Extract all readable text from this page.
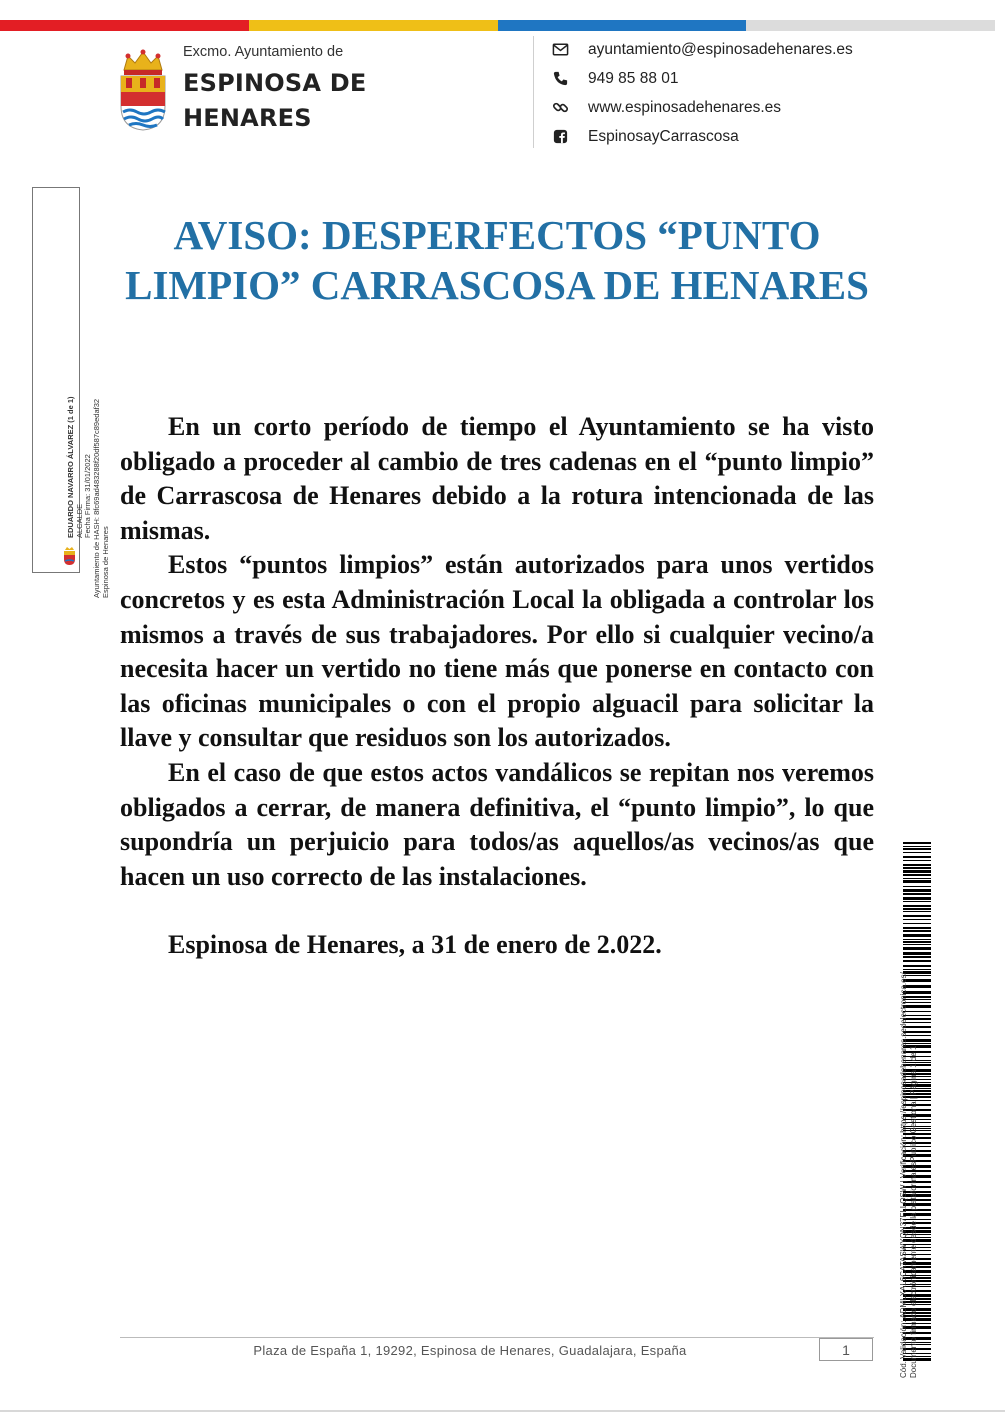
Excmo. Ayuntamiento de
ESPINOSA DE
HENARES
ayuntamiento@espinosadehenares.es
949 85 88 01
www.espinosadehenares.es
EspinosayCarrascosa
EDUARDO NAVARRO ÁLVAREZ (1 de 1) ALCALDE Fecha Firma: 31/01/2022
Ayuntamiento de HASH: 8fc69ad483288f20df587c89edaf32
Espinosa de Henares
AVISO: DESPERFECTOS “PUNTO LIMPIO” CARRASCOSA DE HENARES

En un corto período de tiempo el Ayuntamiento se ha visto obligado a proceder al cambio de tres cadenas en el “punto limpio” de Carrascosa de Henares debido a la rotura intencionada de las mismas.

Estos “puntos limpios” están autorizados para unos vertidos concretos y es esta Administración Local la obligada a controlar los mismos a través de sus trabajadores. Por ello si cualquier vecino/a necesita hacer un vertido no tiene más que ponerse en contacto con las oficinas municipales o con el propio alguacil para solicitar la llave y consultar que residuos son los autorizados.

En el caso de que estos actos vandálicos se repitan nos veremos obligados a cerrar, de manera definitiva, el “punto limpio”, lo que supondría un perjuicio para todos/as aquellos/as vecinos/as que hacen un uso correcto de las instalaciones.

Espinosa de Henares, a 31 de enero de 2.022.

Cód. Validación: ADMLXAL6CATASWYQN37FLLQSW | Verificación: https://espinosadehenares.sedelectronica.es/ Documento firmado electrónicamente desde la plataforma esPublico Gestiona | Página 1 de 1
Plaza de España 1, 19292, Espinosa de Henares, Guadalajara, España	1
